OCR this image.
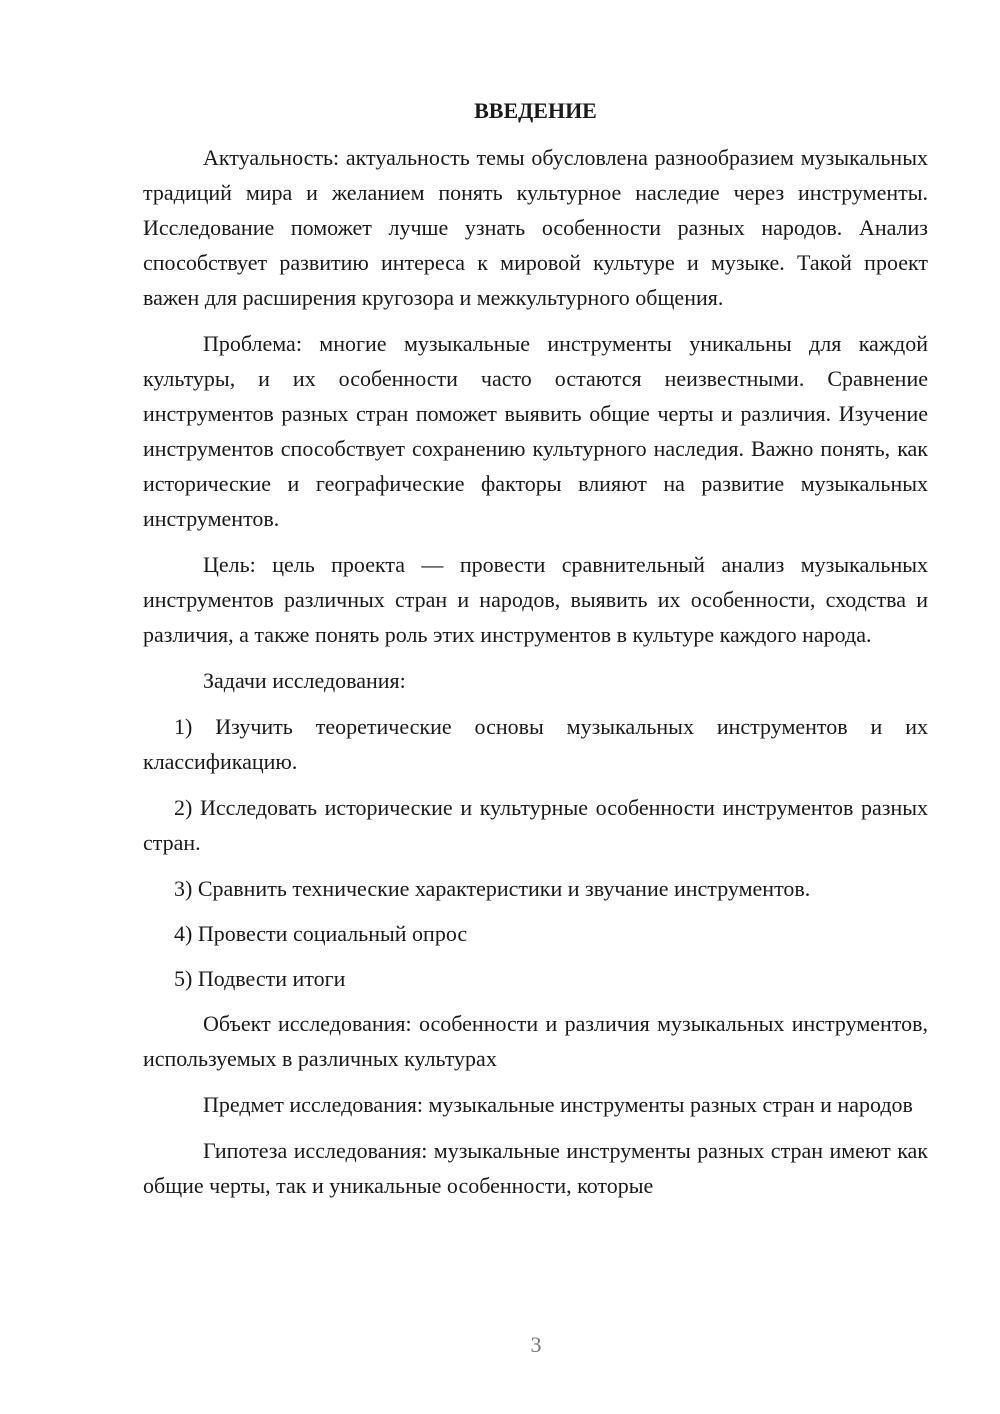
ВВЕДЕНИЕ

Актуальность: актуальность темы обусловлена разнообразием музыкальных традиций мира и желанием понять культурное наследие через инструменты. Исследование поможет лучше узнать особенности разных народов. Анализ способствует развитию интереса к мировой культуре и музыке. Такой проект важен для расширения кругозора и межкультурного общения.

Проблема: многие музыкальные инструменты уникальны для каждой культуры, и их особенности часто остаются неизвестными. Сравнение инструментов разных стран поможет выявить общие черты и различия. Изучение инструментов способствует сохранению культурного наследия. Важно понять, как исторические и географические факторы влияют на развитие музыкальных инструментов.

Цель: цель проекта — провести сравнительный анализ музыкальных инструментов различных стран и народов, выявить их особенности, сходства и различия, а также понять роль этих инструментов в культуре каждого народа.

Задачи исследования:

1) Изучить теоретические основы музыкальных инструментов и их классификацию.

2) Исследовать исторические и культурные особенности инструментов разных стран.

3) Сравнить технические характеристики и звучание инструментов.

4) Провести социальный опрос

5) Подвести итоги

Объект исследования: особенности и различия музыкальных инструментов, используемых в различных культурах

Предмет исследования: музыкальные инструменты разных стран и народов

Гипотеза исследования: музыкальные инструменты разных стран имеют как общие черты, так и уникальные особенности, которые

3
